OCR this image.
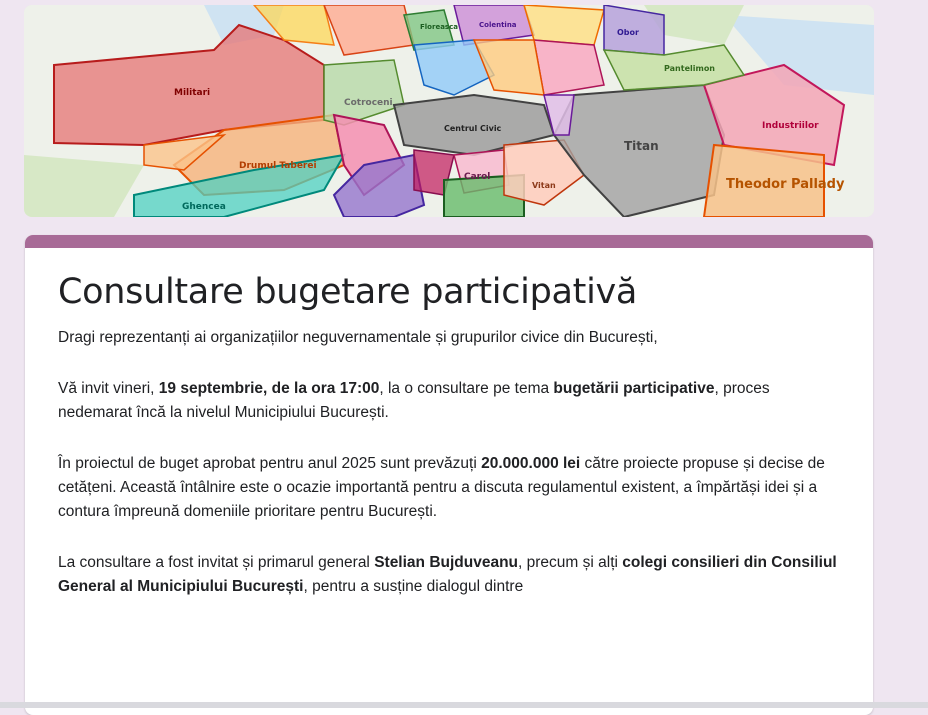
Militari
Drumul Taberei
Cotroceni
Centrul Civic
Titan
Industriilor
Theodor Pallady
Ghencea
Carol
Vitan
Colentina
Obor
Floreasca
Pantelimon
Consultare bugetare participativă

Dragi reprezentanți ai organizațiilor neguvernamentale și grupurilor civice din București,

Vă invit vineri, 19 septembrie, de la ora 17:00, la o consultare pe tema bugetării participative, proces nedemarat încă la nivelul Municipiului București.

În proiectul de buget aprobat pentru anul 2025 sunt prevăzuți 20.000.000 lei către proiecte propuse și decise de cetățeni. Această întâlnire este o ocazie importantă pentru a discuta regulamentul existent, a împărtăși idei și a contura împreună domeniile prioritare pentru București.

La consultare a fost invitat și primarul general Stelian Bujduveanu, precum și alți colegi consilieri din Consiliul General al Municipiului București, pentru a susține dialogul dintre
